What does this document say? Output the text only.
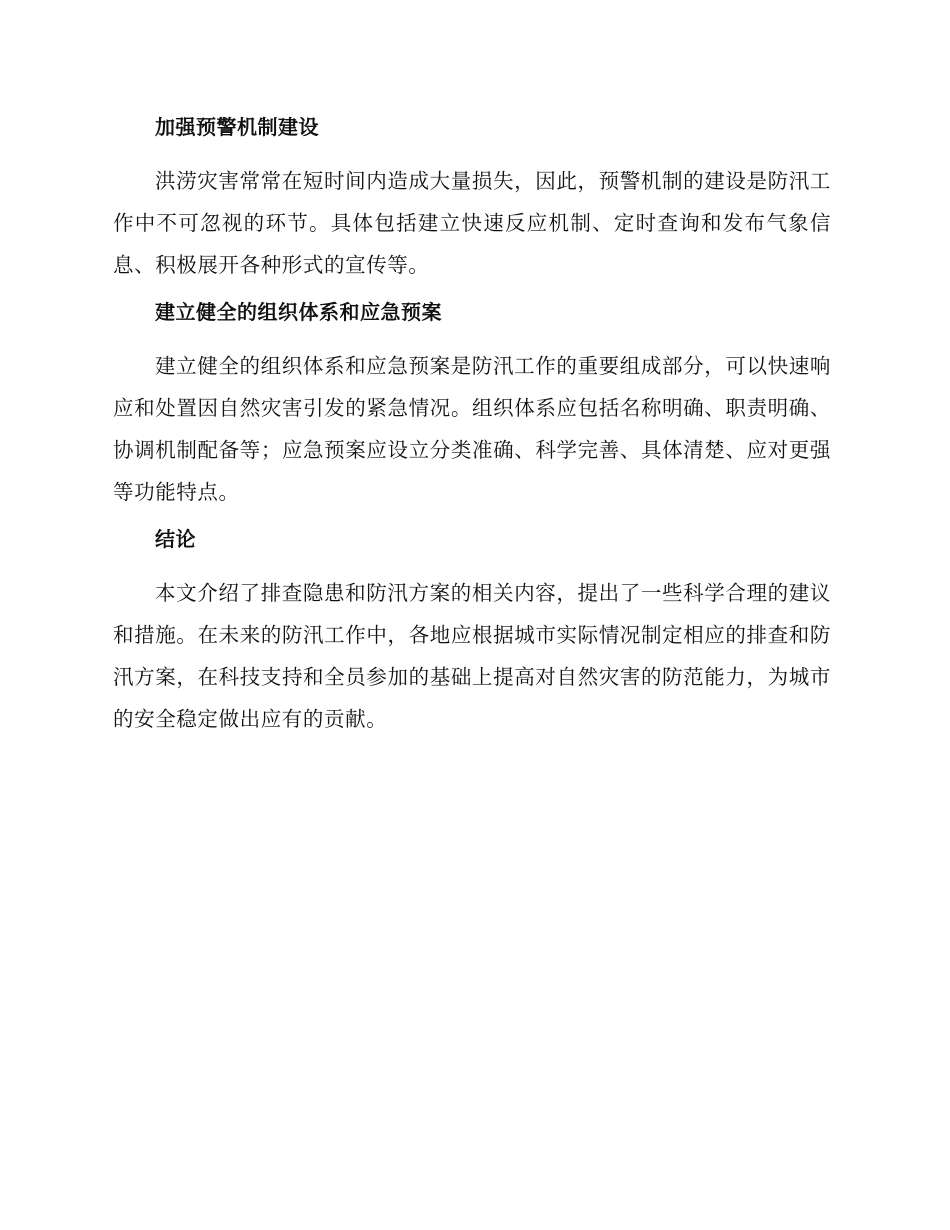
加强预警机制建设

洪涝灾害常常在短时间内造成大量损失，因此，预警机制的建设是防汛工作中不可忽视的环节。具体包括建立快速反应机制、定时查询和发布气象信息、积极展开各种形式的宣传等。

建立健全的组织体系和应急预案

建立健全的组织体系和应急预案是防汛工作的重要组成部分，可以快速响应和处置因自然灾害引发的紧急情况。组织体系应包括名称明确、职责明确、协调机制配备等；应急预案应设立分类准确、科学完善、具体清楚、应对更强等功能特点。

结论

本文介绍了排查隐患和防汛方案的相关内容，提出了一些科学合理的建议和措施。在未来的防汛工作中，各地应根据城市实际情况制定相应的排查和防汛方案，在科技支持和全员参加的基础上提高对自然灾害的防范能力，为城市的安全稳定做出应有的贡献。
